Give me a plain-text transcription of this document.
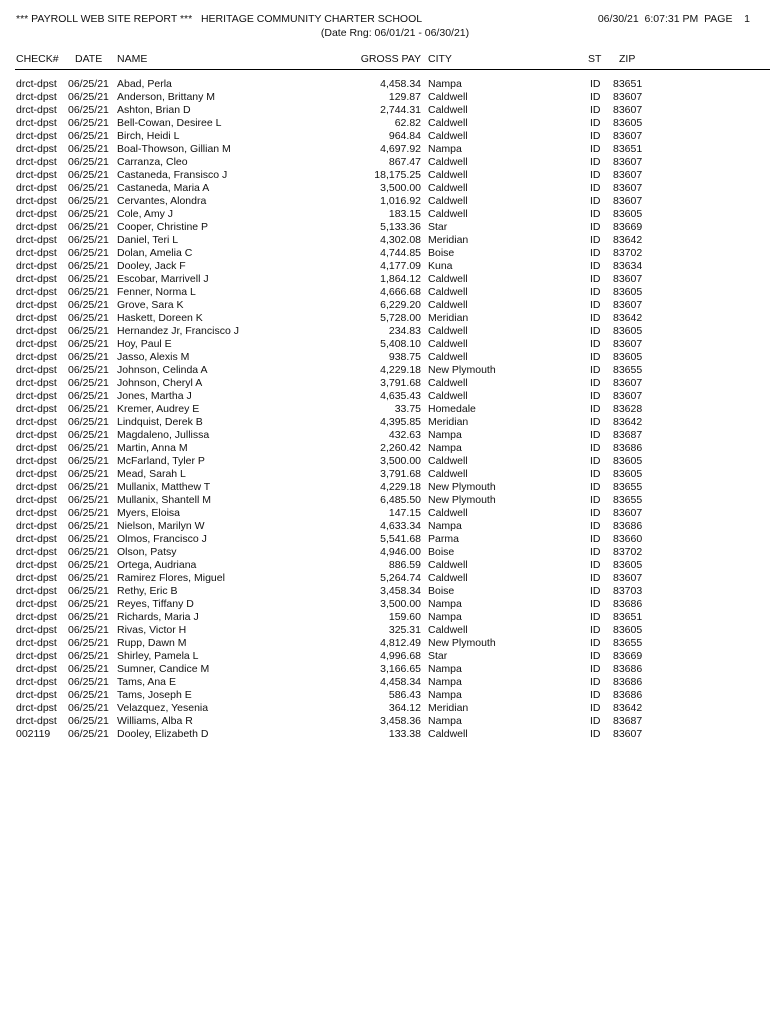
*** PAYROLL WEB SITE REPORT ***   HERITAGE COMMUNITY CHARTER SCHOOL
(Date Rng: 06/01/21 - 06/30/21)
06/30/21  6:07:31 PM  PAGE    1
CHECK# DATE NAME	GROSS PAY CITY	ST ZIP
drct-dpst 06/25/21 Abad, Perla	4,458.34 Nampa	ID 83651
drct-dpst 06/25/21 Anderson, Brittany M	129.87 Caldwell	ID 83607
drct-dpst 06/25/21 Ashton, Brian D	2,744.31 Caldwell	ID 83607
drct-dpst 06/25/21 Bell-Cowan, Desiree L	62.82 Caldwell	ID 83605
drct-dpst 06/25/21 Birch, Heidi L	964.84 Caldwell	ID 83607
drct-dpst 06/25/21 Boal-Thowson, Gillian M	4,697.92 Nampa	ID 83651
drct-dpst 06/25/21 Carranza, Cleo	867.47 Caldwell	ID 83607
drct-dpst 06/25/21 Castaneda, Fransisco J	18,175.25 Caldwell	ID 83607
drct-dpst 06/25/21 Castaneda, Maria A	3,500.00 Caldwell	ID 83607
drct-dpst 06/25/21 Cervantes, Alondra	1,016.92 Caldwell	ID 83607
drct-dpst 06/25/21 Cole, Amy J	183.15 Caldwell	ID 83605
drct-dpst 06/25/21 Cooper, Christine P	5,133.36 Star	ID 83669
drct-dpst 06/25/21 Daniel, Teri L	4,302.08 Meridian	ID 83642
drct-dpst 06/25/21 Dolan, Amelia C	4,744.85 Boise	ID 83702
drct-dpst 06/25/21 Dooley, Jack F	4,177.09 Kuna	ID 83634
drct-dpst 06/25/21 Escobar, Marrivell J	1,864.12 Caldwell	ID 83607
drct-dpst 06/25/21 Fenner, Norma L	4,666.68 Caldwell	ID 83605
drct-dpst 06/25/21 Grove, Sara K	6,229.20 Caldwell	ID 83607
drct-dpst 06/25/21 Haskett, Doreen K	5,728.00 Meridian	ID 83642
drct-dpst 06/25/21 Hernandez Jr, Francisco J	234.83 Caldwell	ID 83605
drct-dpst 06/25/21 Hoy, Paul E	5,408.10 Caldwell	ID 83607
drct-dpst 06/25/21 Jasso, Alexis M	938.75 Caldwell	ID 83605
drct-dpst 06/25/21 Johnson, Celinda A	4,229.18 New Plymouth	ID 83655
drct-dpst 06/25/21 Johnson, Cheryl A	3,791.68 Caldwell	ID 83607
drct-dpst 06/25/21 Jones, Martha J	4,635.43 Caldwell	ID 83607
drct-dpst 06/25/21 Kremer, Audrey E	33.75 Homedale	ID 83628
drct-dpst 06/25/21 Lindquist, Derek B	4,395.85 Meridian	ID 83642
drct-dpst 06/25/21 Magdaleno, Jullissa	432.63 Nampa	ID 83687
drct-dpst 06/25/21 Martin, Anna M	2,260.42 Nampa	ID 83686
drct-dpst 06/25/21 McFarland, Tyler P	3,500.00 Caldwell	ID 83605
drct-dpst 06/25/21 Mead, Sarah L	3,791.68 Caldwell	ID 83605
drct-dpst 06/25/21 Mullanix, Matthew T	4,229.18 New Plymouth	ID 83655
drct-dpst 06/25/21 Mullanix, Shantell M	6,485.50 New Plymouth	ID 83655
drct-dpst 06/25/21 Myers, Eloisa	147.15 Caldwell	ID 83607
drct-dpst 06/25/21 Nielson, Marilyn W	4,633.34 Nampa	ID 83686
drct-dpst 06/25/21 Olmos, Francisco J	5,541.68 Parma	ID 83660
drct-dpst 06/25/21 Olson, Patsy	4,946.00 Boise	ID 83702
drct-dpst 06/25/21 Ortega, Audriana	886.59 Caldwell	ID 83605
drct-dpst 06/25/21 Ramirez Flores, Miguel	5,264.74 Caldwell	ID 83607
drct-dpst 06/25/21 Rethy, Eric B	3,458.34 Boise	ID 83703
drct-dpst 06/25/21 Reyes, Tiffany D	3,500.00 Nampa	ID 83686
drct-dpst 06/25/21 Richards, Maria J	159.60 Nampa	ID 83651
drct-dpst 06/25/21 Rivas, Victor H	325.31 Caldwell	ID 83605
drct-dpst 06/25/21 Rupp, Dawn M	4,812.49 New Plymouth	ID 83655
drct-dpst 06/25/21 Shirley, Pamela L	4,996.68 Star	ID 83669
drct-dpst 06/25/21 Sumner, Candice M	3,166.65 Nampa	ID 83686
drct-dpst 06/25/21 Tams, Ana E	4,458.34 Nampa	ID 83686
drct-dpst 06/25/21 Tams, Joseph E	586.43 Nampa	ID 83686
drct-dpst 06/25/21 Velazquez, Yesenia	364.12 Meridian	ID 83642
drct-dpst 06/25/21 Williams, Alba R	3,458.36 Nampa	ID 83687
002119 06/25/21 Dooley, Elizabeth D	133.38 Caldwell	ID 83607
